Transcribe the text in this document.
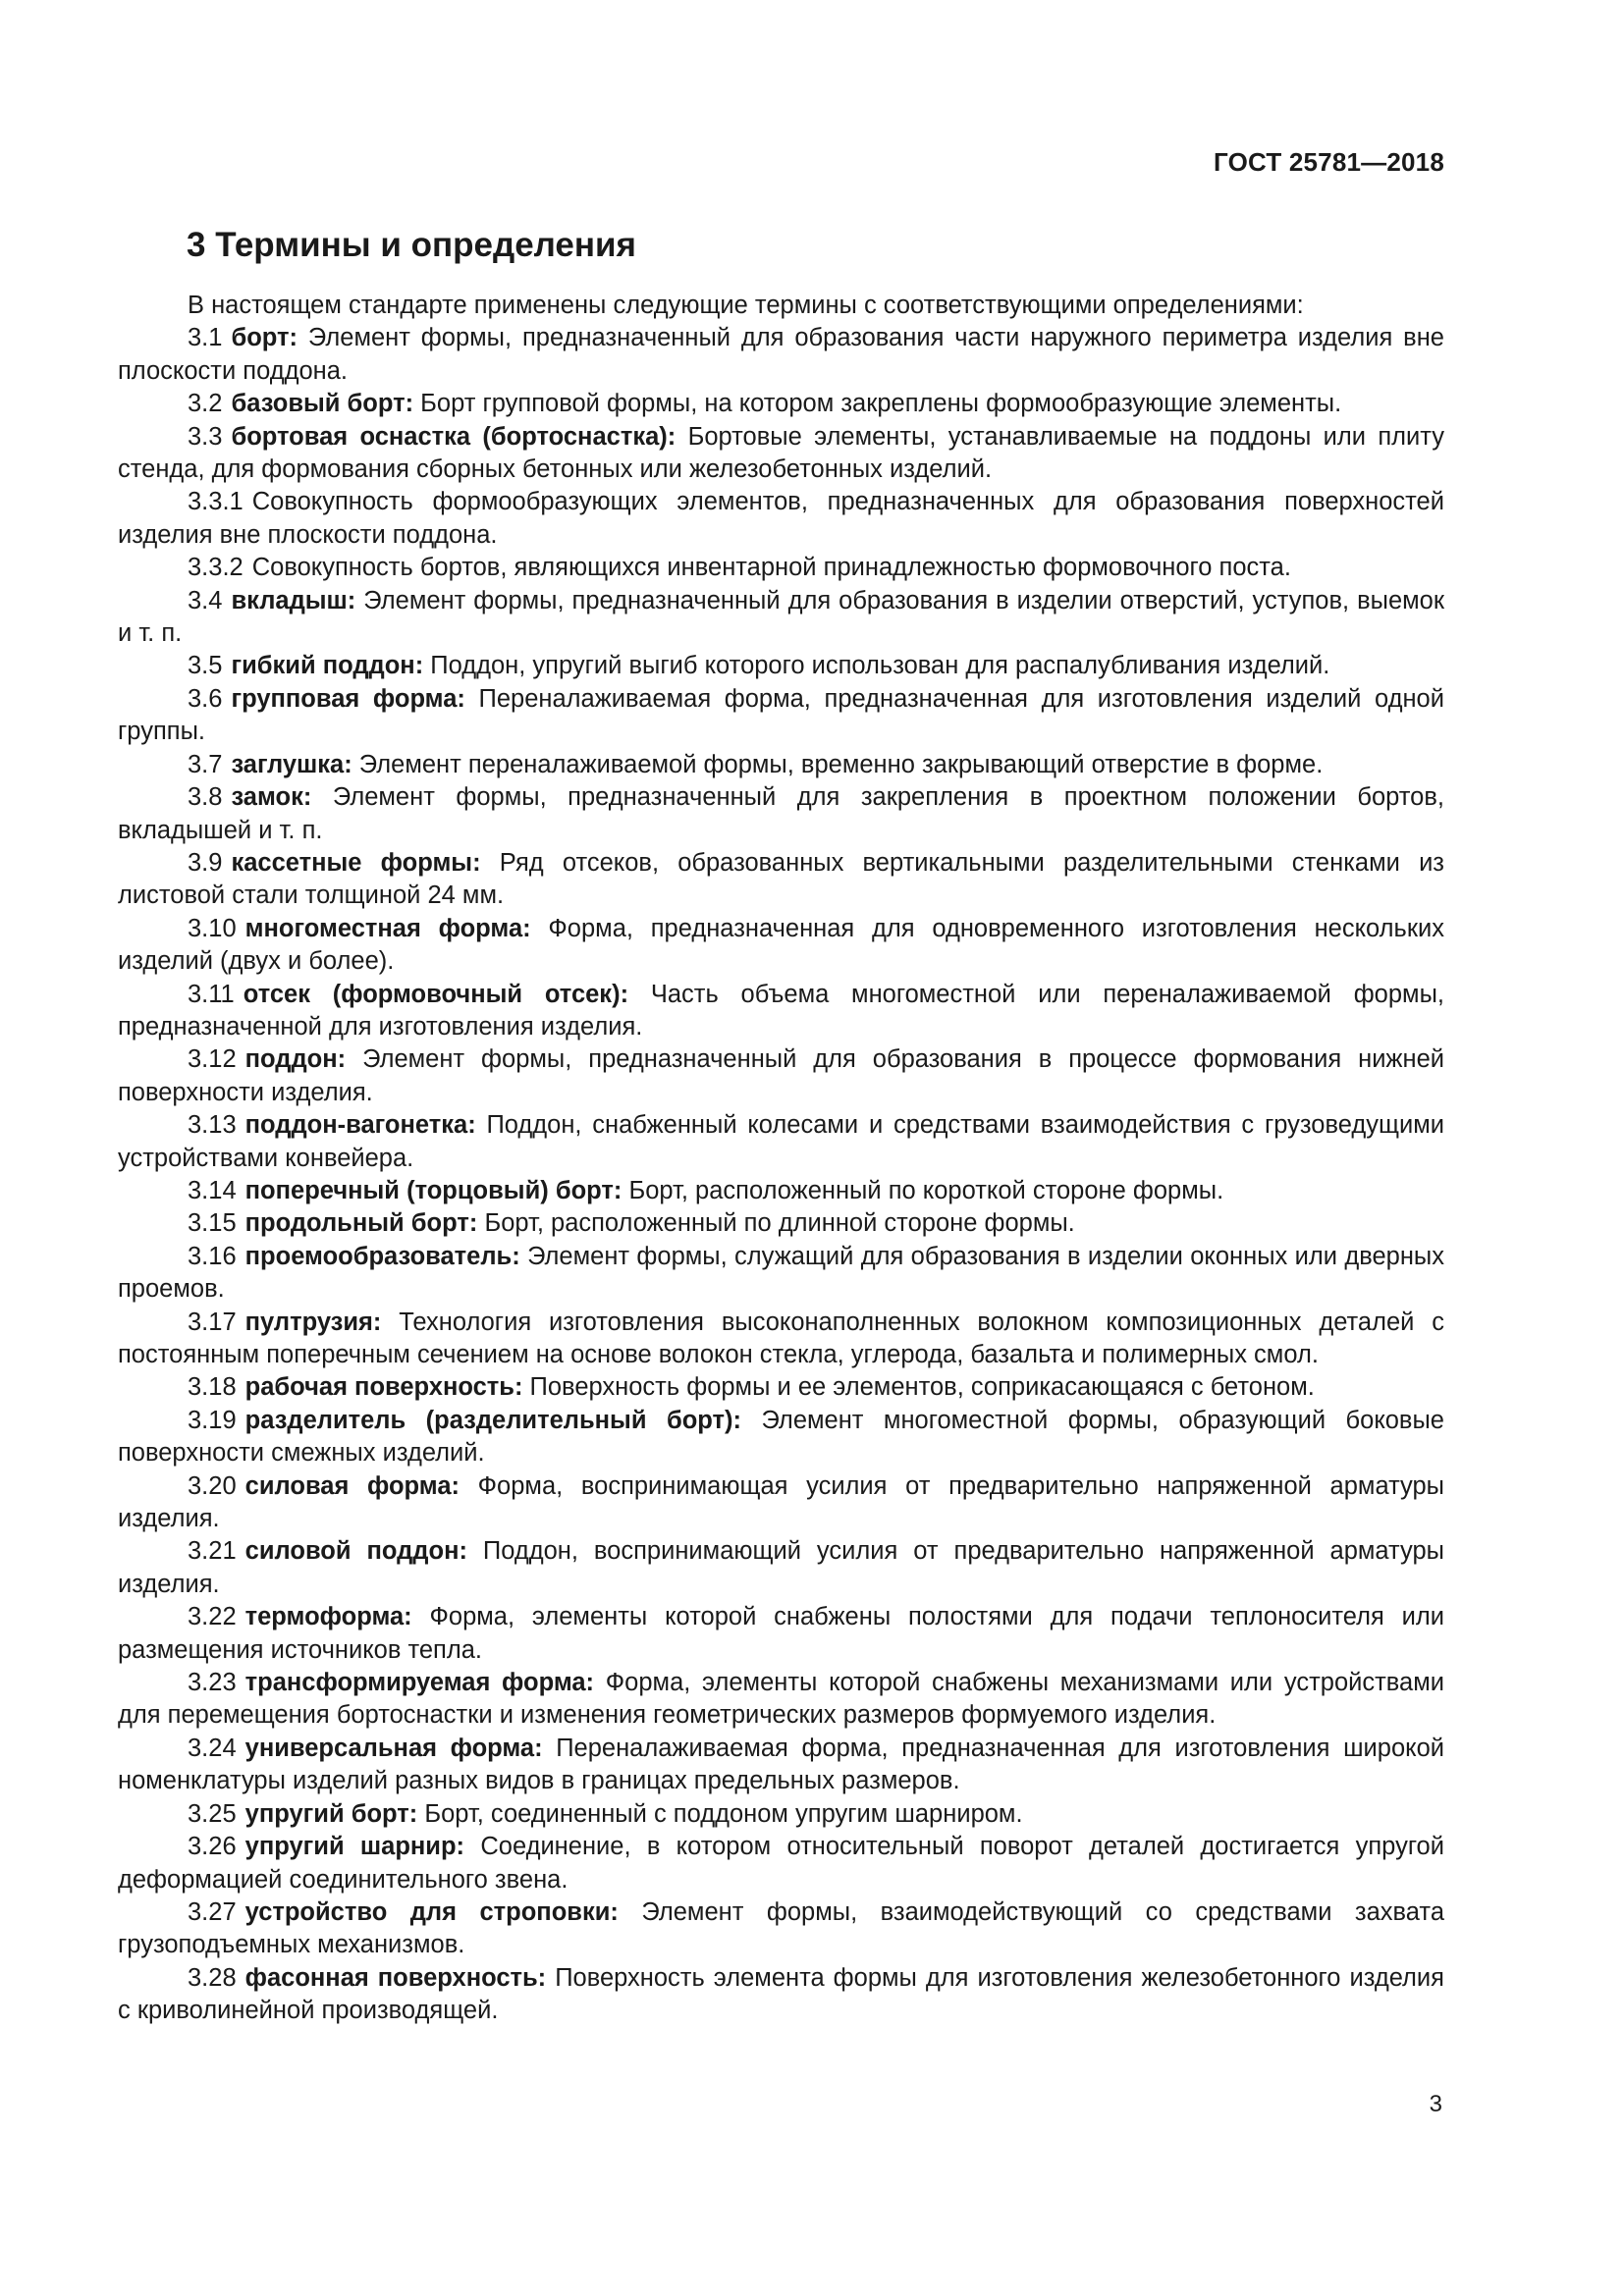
ГОСТ 25781—2018
3 Термины и определения

В настоящем стандарте применены следующие термины с соответствующими определениями:

3.1 борт: Элемент формы, предназначенный для образования части наружного периметра изделия вне плоскости поддона.

3.2 базовый борт: Борт групповой формы, на котором закреплены формообразующие элементы.

3.3 бортовая оснастка (бортоснастка): Бортовые элементы, устанавливаемые на поддоны или плиту стенда, для формования сборных бетонных или железобетонных изделий.

3.3.1 Совокупность формообразующих элементов, предназначенных для образования поверхностей изделия вне плоскости поддона.

3.3.2 Совокупность бортов, являющихся инвентарной принадлежностью формовочного поста.

3.4 вкладыш: Элемент формы, предназначенный для образования в изделии отверстий, уступов, выемок и т. п.

3.5 гибкий поддон: Поддон, упругий выгиб которого использован для распалубливания изделий.

3.6 групповая форма: Переналаживаемая форма, предназначенная для изготовления изделий одной группы.

3.7 заглушка: Элемент переналаживаемой формы, временно закрывающий отверстие в форме.

3.8 замок: Элемент формы, предназначенный для закрепления в проектном положении бортов, вкладышей и т. п.

3.9 кассетные формы: Ряд отсеков, образованных вертикальными разделительными стенками из листовой стали толщиной 24 мм.

3.10 многоместная форма: Форма, предназначенная для одновременного изготовления нескольких изделий (двух и более).

3.11 отсек (формовочный отсек): Часть объема многоместной или переналаживаемой формы, предназначенной для изготовления изделия.

3.12 поддон: Элемент формы, предназначенный для образования в процессе формования нижней поверхности изделия.

3.13 поддон-вагонетка: Поддон, снабженный колесами и средствами взаимодействия с грузоведущими устройствами конвейера.

3.14 поперечный (торцовый) борт: Борт, расположенный по короткой стороне формы.

3.15 продольный борт: Борт, расположенный по длинной стороне формы.

3.16 проемообразователь: Элемент формы, служащий для образования в изделии оконных или дверных проемов.

3.17 пултрузия: Технология изготовления высоконаполненных волокном композиционных деталей с постоянным поперечным сечением на основе волокон стекла, углерода, базальта и полимерных смол.

3.18 рабочая поверхность: Поверхность формы и ее элементов, соприкасающаяся с бетоном.

3.19 разделитель (разделительный борт): Элемент многоместной формы, образующий боковые поверхности смежных изделий.

3.20 силовая форма: Форма, воспринимающая усилия от предварительно напряженной арматуры изделия.

3.21 силовой поддон: Поддон, воспринимающий усилия от предварительно напряженной арматуры изделия.

3.22 термоформа: Форма, элементы которой снабжены полостями для подачи теплоносителя или размещения источников тепла.

3.23 трансформируемая форма: Форма, элементы которой снабжены механизмами или устройствами для перемещения бортоснастки и изменения геометрических размеров формуемого изделия.

3.24 универсальная форма: Переналаживаемая форма, предназначенная для изготовления широкой номенклатуры изделий разных видов в границах предельных размеров.

3.25 упругий борт: Борт, соединенный с поддоном упругим шарниром.

3.26 упругий шарнир: Соединение, в котором относительный поворот деталей достигается упругой деформацией соединительного звена.

3.27 устройство для строповки: Элемент формы, взаимодействующий со средствами захвата грузоподъемных механизмов.

3.28 фасонная поверхность: Поверхность элемента формы для изготовления железобетонного изделия с криволинейной производящей.

3
